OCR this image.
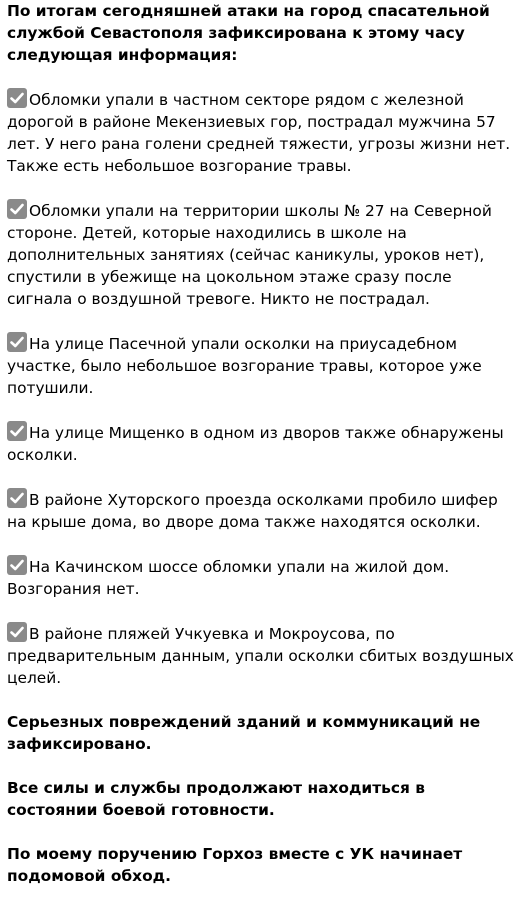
По итогам сегодняшней атаки на город спасательной службой Севастополя зафиксирована к этому часу следующая информация:

Обломки упали в частном секторе рядом с железной дорогой в районе Мекензиевых гор, пострадал мужчина 57 лет. У него рана голени средней тяжести, угрозы жизни нет. Также есть небольшое возгорание травы.

Обломки упали на территории школы № 27 на Северной стороне. Детей, которые находились в школе на дополнительных занятиях (сейчас каникулы, уроков нет), спустили в убежище на цокольном этаже сразу после сигнала о воздушной тревоге. Никто не пострадал.

На улице Пасечной упали осколки на приусадебном участке, было небольшое возгорание травы, которое уже потушили.

На улице Мищенко в одном из дворов также обнаружены осколки.

В районе Хуторского проезда осколками пробило шифер на крыше дома, во дворе дома также находятся осколки.

На Качинском шоссе обломки упали на жилой дом. Возгорания нет.

В районе пляжей Учкуевка и Мокроусова, по предварительным данным, упали осколки сбитых воздушных целей.

Серьезных повреждений зданий и коммуникаций не зафиксировано.

Все силы и службы продолжают находиться в состоянии боевой готовности.

По моему поручению Горхоз вместе с УК начинает подомовой обход.
